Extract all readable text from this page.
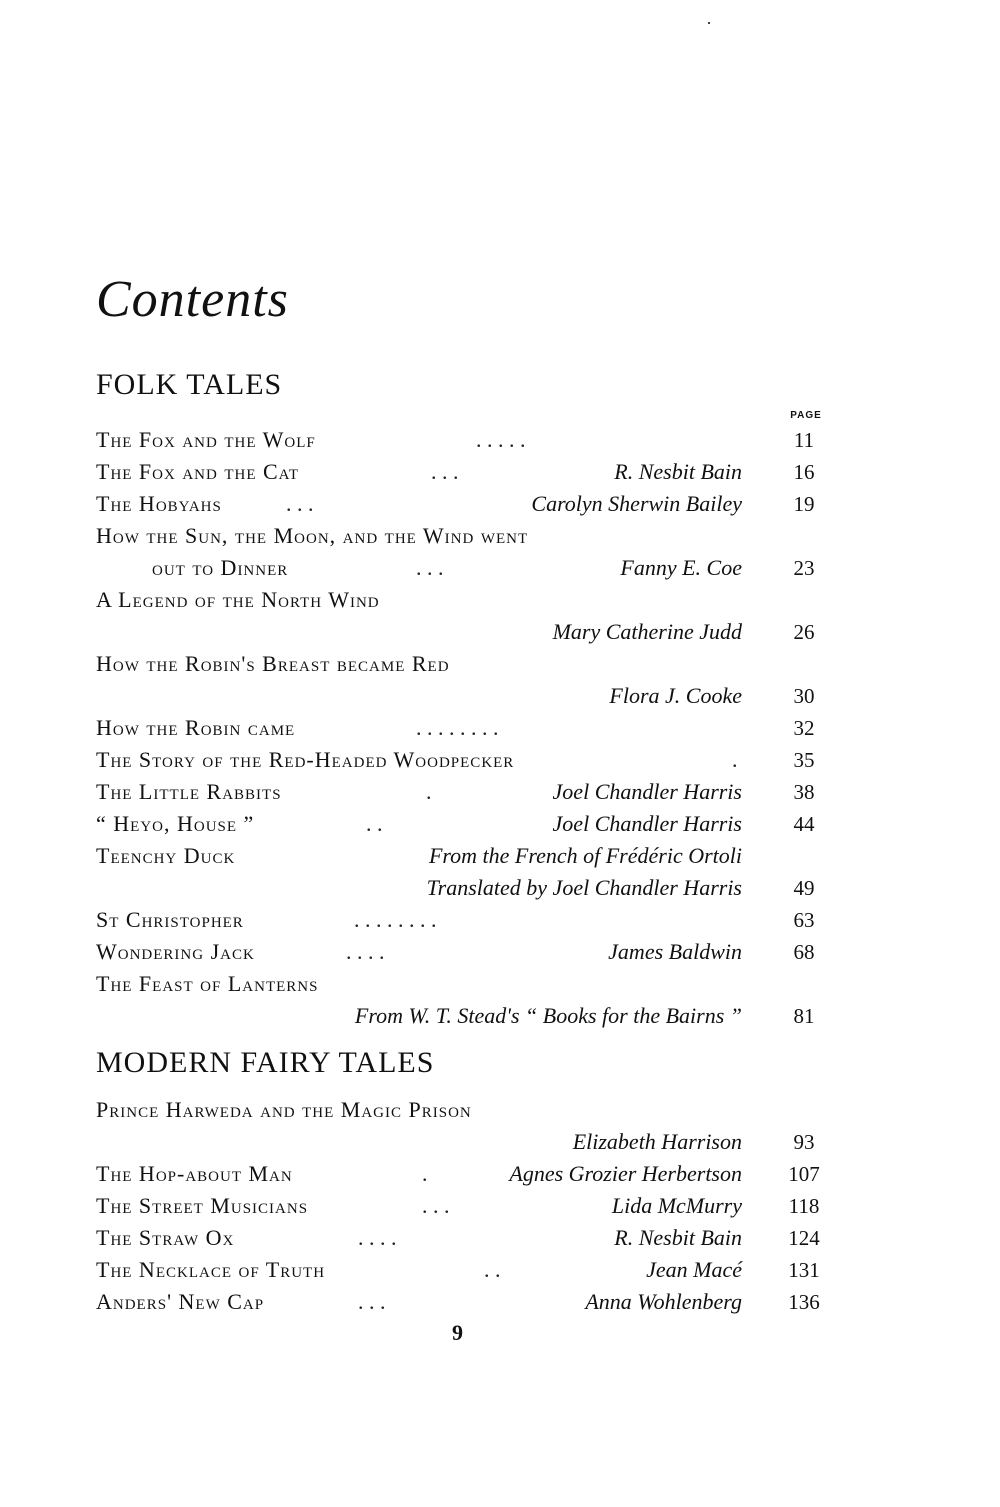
Contents
FOLK TALES
PAGE
The Fox and the Wolf	. . . . .	11
The Fox and the Cat	. . .	R. Nesbit Bain	16
The Hobyahs	. . .	Carolyn Sherwin Bailey	19
How the Sun, the Moon, and the Wind went
out to Dinner	. . .	Fanny E. Coe	23
A Legend of the North Wind
Mary Catherine Judd	26
How the Robin's Breast became Red
Flora J. Cooke	30
How the Robin came	. . . . . . . .	32
The Story of the Red-Headed Woodpecker	.	35
The Little Rabbits	.	Joel Chandler Harris	38
“ Heyo, House ”	. .	Joel Chandler Harris	44
Teenchy Duck	From the French of Frédéric Ortoli
Translated by Joel Chandler Harris	49
St Christopher	. . . . . . . .	63
Wondering Jack	. . . .	James Baldwin	68
The Feast of Lanterns
From W. T. Stead's “ Books for the Bairns ”	81
MODERN FAIRY TALES
Prince Harweda and the Magic Prison
Elizabeth Harrison	93
The Hop-about Man	.	Agnes Grozier Herbertson 107
The Street Musicians	. . .	Lida McMurry	118
The Straw Ox	. . . .	R. Nesbit Bain 124
The Necklace of Truth	. .	Jean Macé 131
Anders' New Cap	. . .	Anna Wohlenberg 136
9
